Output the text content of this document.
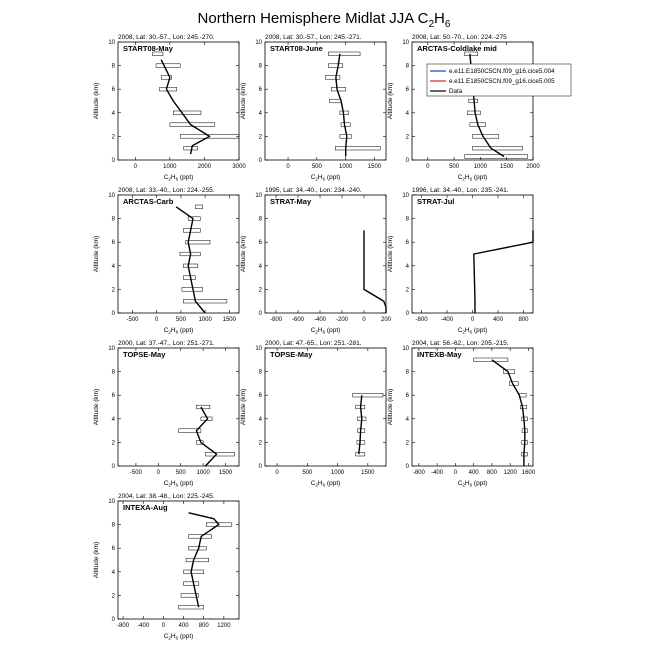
Northern Hemisphere Midlat JJA $C_2H_6$
2008, Lat: 30.-57., Lon: 245.-270.
START08-May
0
2
4
6
8
10
0	1000	2000	3000
Altitude (km)
$C_2H_6$ (ppt)
2008, Lat: 30.-57., Lon: 245.-271.
START08-June
0
2
4
6
8
10
0	500	1000	1500
Altitude (km)
$C_2H_6$ (ppt)
2008, Lat: 50.-70., Lon: 224.-275
ARCTAS-Coldlake mid
0
2
4
6
8
10
0	500 1000 1500 2000
Altitude (km)
$C_2H_6$ (ppt)
e.e11.E1850C5CN.f09_g16.cice5.004
e.e11.E1850C5CN.f09_g16.cice5.005
Data
2008, Lat: 33.-40., Lon: 224.-255.
ARCTAS-Carb
0
2
4
6
8
10
-500	0	500 1000 1500
Altitude (km)
$C_2H_6$ (ppt)
1995, Lat: 34.-40., Lon: 234.-240.
STRAT-May
0
2
4
6
8
10
-800 -600 -400 -200 0	200
Altitude (km)
$C_2H_6$ (ppt)
1996, Lat: 34.-40., Lon: 235.-241.
STRAT-Jul
0
2
4
6
8
10
-800 -400	0	400	800
Altitude (km)
$C_2H_6$ (ppt)
2000, Lat: 37.-47., Lon: 251.-271.
TOPSE-May
0
2
4
6
8
10
-500 0	500 1000 1500
Altitude (km)
$C_2H_6$ (ppt)
2000, Lat: 47.-65., Lon: 251.-281.
TOPSE-May
0
2
4
6
8
10
0	500	1000	1500
Altitude (km)
$C_2H_6$ (ppt)
2004, Lat: 56.-62., Lon: 205.-215.
INTEXB-May
0
2
4
6
8
10
-800 -400 0 400 800 1200 1600
Altitude (km)
$C_2H_6$ (ppt)
2004, Lat: 38.-48., Lon: 225.-245.
INTEXA-Aug
0
2
4
6
8
10
-800 -400 0 400 800 1200
Altitude (km)
$C_2H_6$ (ppt)
